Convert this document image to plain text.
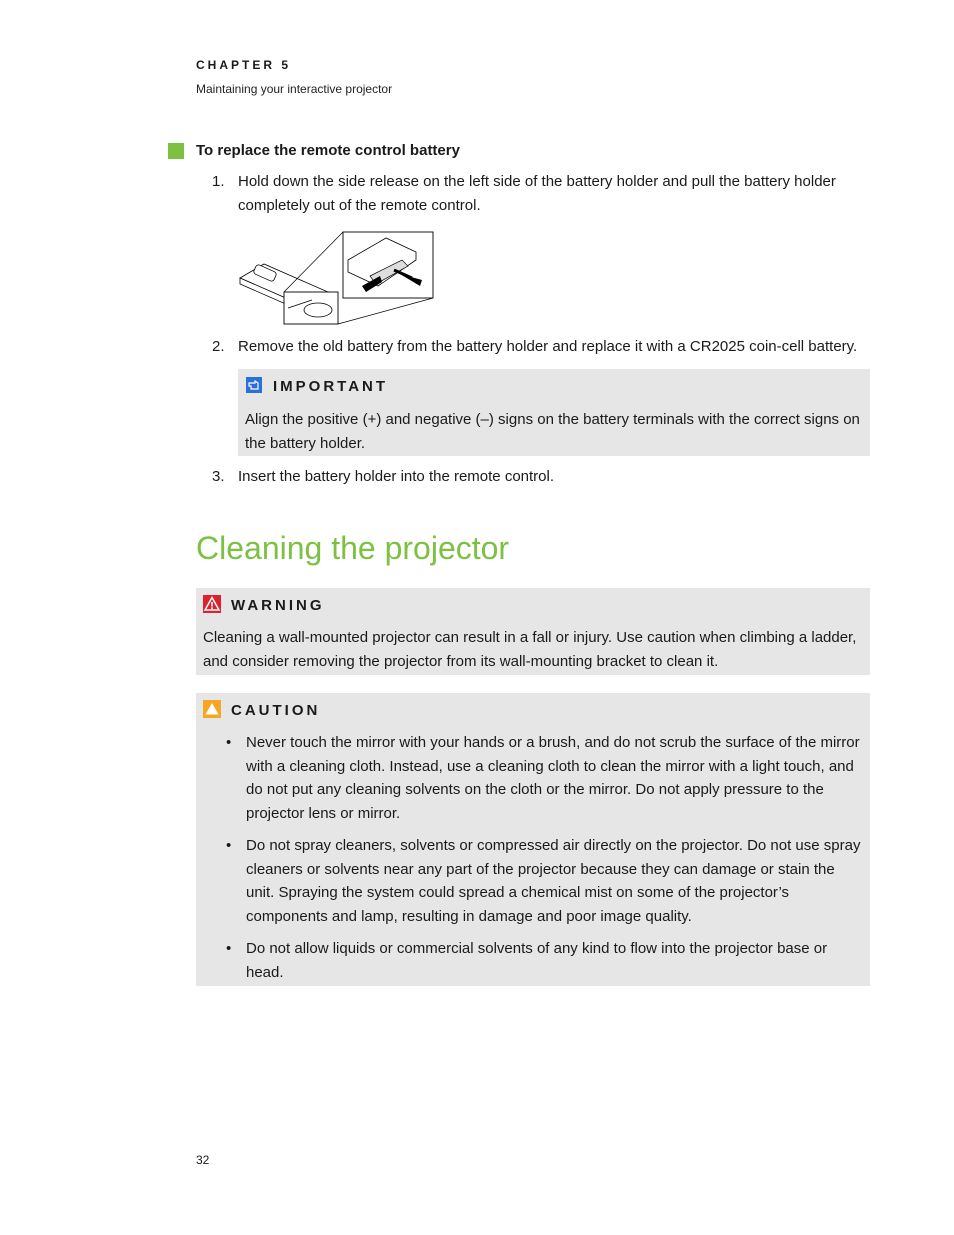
CHAPTER 5
Maintaining your interactive projector
To replace the remote control battery
1. Hold down the side release on the left side of the battery holder and pull the battery holder completely out of the remote control.
2. Remove the old battery from the battery holder and replace it with a CR2025 coin-cell battery.
IMPORTANT
Align the positive (+) and negative (–) signs on the battery terminals with the correct signs on the battery holder.
3. Insert the battery holder into the remote control.
Cleaning the projector
WARNING
Cleaning a wall-mounted projector can result in a fall or injury. Use caution when climbing a ladder, and consider removing the projector from its wall-mounting bracket to clean it.
CAUTION
• Never touch the mirror with your hands or a brush, and do not scrub the surface of the mirror with a cleaning cloth. Instead, use a cleaning cloth to clean the mirror with a light touch, and do not put any cleaning solvents on the cloth or the mirror. Do not apply pressure to the projector lens or mirror.
• Do not spray cleaners, solvents or compressed air directly on the projector. Do not use spray cleaners or solvents near any part of the projector because they can damage or stain the unit. Spraying the system could spread a chemical mist on some of the projector’s components and lamp, resulting in damage and poor image quality.
• Do not allow liquids or commercial solvents of any kind to flow into the projector base or head.
32
